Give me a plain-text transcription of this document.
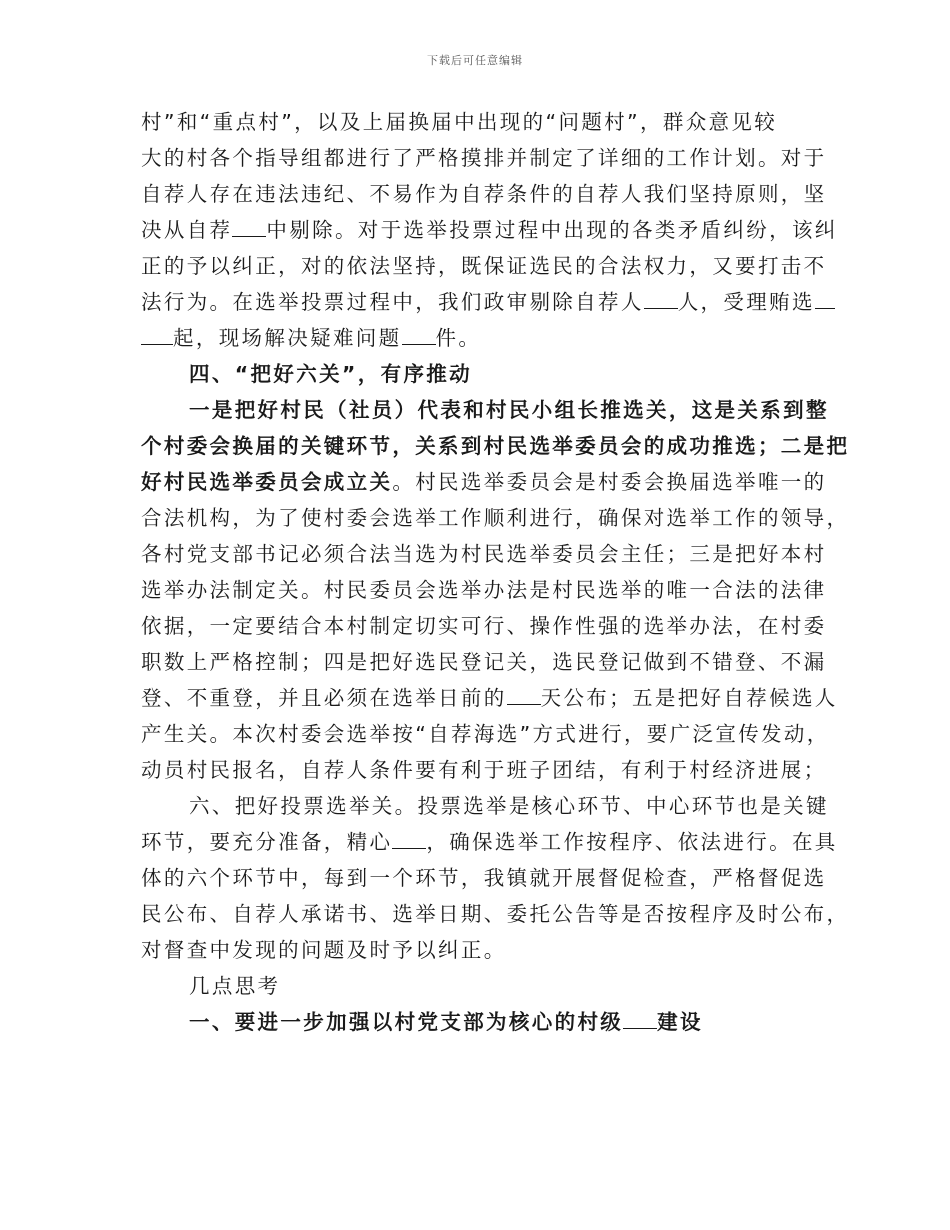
下载后可任意编辑
村”和“重点村”，以及上届换届中出现的“问题村”，群众意见较
大的村各个指导组都进行了严格摸排并制定了详细的工作计划。对于
自荐人存在违法违纪、不易作为自荐条件的自荐人我们坚持原则，坚
决从自荐 中剔除。对于选举投票过程中出现的各类矛盾纠纷，该纠
正的予以纠正，对的依法坚持，既保证选民的合法权力，又要打击不
法行为。在选举投票过程中，我们政审剔除自荐人 人，受理贿选
起，现场解决疑难问题 件。
四、“把好六关”，有序推动
一是把好村民（社员）代表和村民小组长推选关，这是关系到整
个村委会换届的关键环节，关系到村民选举委员会的成功推选；二是把
好村民选举委员会成立关。村民选举委员会是村委会换届选举唯一的
合法机构，为了使村委会选举工作顺利进行，确保对选举工作的领导，
各村党支部书记必须合法当选为村民选举委员会主任；三是把好本村
选举办法制定关。村民委员会选举办法是村民选举的唯一合法的法律
依据，一定要结合本村制定切实可行、操作性强的选举办法，在村委
职数上严格控制；四是把好选民登记关，选民登记做到不错登、不漏
登、不重登，并且必须在选举日前的 天公布；五是把好自荐候选人
产生关。本次村委会选举按“自荐海选”方式进行，要广泛宣传发动，
动员村民报名，自荐人条件要有利于班子团结，有利于村经济进展；
六、把好投票选举关。投票选举是核心环节、中心环节也是关键
环节，要充分准备，精心 ，确保选举工作按程序、依法进行。在具
体的六个环节中，每到一个环节，我镇就开展督促检查，严格督促选
民公布、自荐人承诺书、选举日期、委托公告等是否按程序及时公布，
对督查中发现的问题及时予以纠正。
几点思考
一、要进一步加强以村党支部为核心的村级 建设
